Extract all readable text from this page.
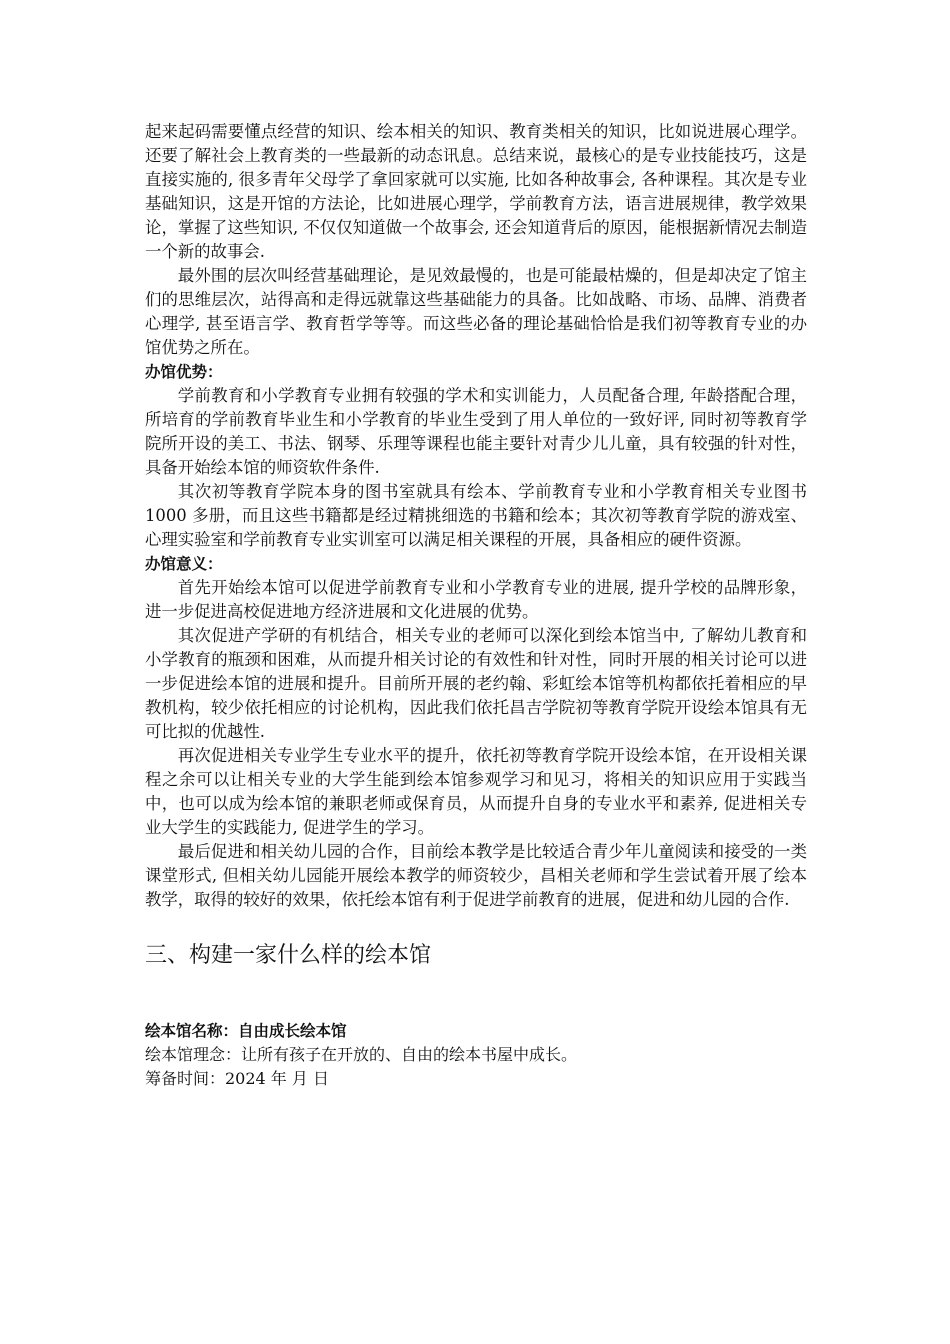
起来起码需要懂点经营的知识、绘本相关的知识、教育类相关的知识，比如说进展心理学。还要了解社会上教育类的一些最新的动态讯息。总结来说，最核心的是专业技能技巧，这是直接实施的, 很多青年父母学了拿回家就可以实施, 比如各种故事会, 各种课程。其次是专业基础知识，这是开馆的方法论，比如进展心理学，学前教育方法，语言进展规律，教学效果论，掌握了这些知识, 不仅仅知道做一个故事会, 还会知道背后的原因，能根据新情况去制造一个新的故事会.

最外围的层次叫经营基础理论，是见效最慢的，也是可能最枯燥的，但是却决定了馆主们的思维层次，站得高和走得远就靠这些基础能力的具备。比如战略、市场、品牌、消费者心理学, 甚至语言学、教育哲学等等。而这些必备的理论基础恰恰是我们初等教育专业的办馆优势之所在。

办馆优势：

学前教育和小学教育专业拥有较强的学术和实训能力，人员配备合理, 年龄搭配合理，所培育的学前教育毕业生和小学教育的毕业生受到了用人单位的一致好评, 同时初等教育学院所开设的美工、书法、钢琴、乐理等课程也能主要针对青少儿儿童，具有较强的针对性，具备开始绘本馆的师资软件条件.

其次初等教育学院本身的图书室就具有绘本、学前教育专业和小学教育相关专业图书 1000 多册，而且这些书籍都是经过精挑细选的书籍和绘本；其次初等教育学院的游戏室、心理实验室和学前教育专业实训室可以满足相关课程的开展，具备相应的硬件资源。

办馆意义：

首先开始绘本馆可以促进学前教育专业和小学教育专业的进展, 提升学校的品牌形象，进一步促进高校促进地方经济进展和文化进展的优势。

其次促进产学研的有机结合，相关专业的老师可以深化到绘本馆当中, 了解幼儿教育和小学教育的瓶颈和困难，从而提升相关讨论的有效性和针对性，同时开展的相关讨论可以进一步促进绘本馆的进展和提升。目前所开展的老约翰、彩虹绘本馆等机构都依托着相应的早教机构，较少依托相应的讨论机构，因此我们依托昌吉学院初等教育学院开设绘本馆具有无可比拟的优越性.

再次促进相关专业学生专业水平的提升，依托初等教育学院开设绘本馆，在开设相关课程之余可以让相关专业的大学生能到绘本馆参观学习和见习，将相关的知识应用于实践当中，也可以成为绘本馆的兼职老师或保育员，从而提升自身的专业水平和素养, 促进相关专业大学生的实践能力, 促进学生的学习。

最后促进和相关幼儿园的合作，目前绘本教学是比较适合青少年儿童阅读和接受的一类课堂形式, 但相关幼儿园能开展绘本教学的师资较少，昌相关老师和学生尝试着开展了绘本教学，取得的较好的效果，依托绘本馆有利于促进学前教育的进展，促进和幼儿园的合作.

三、构建一家什么样的绘本馆

绘本馆名称：自由成长绘本馆

绘本馆理念：让所有孩子在开放的、自由的绘本书屋中成长。

筹备时间：2024 年 月 日
